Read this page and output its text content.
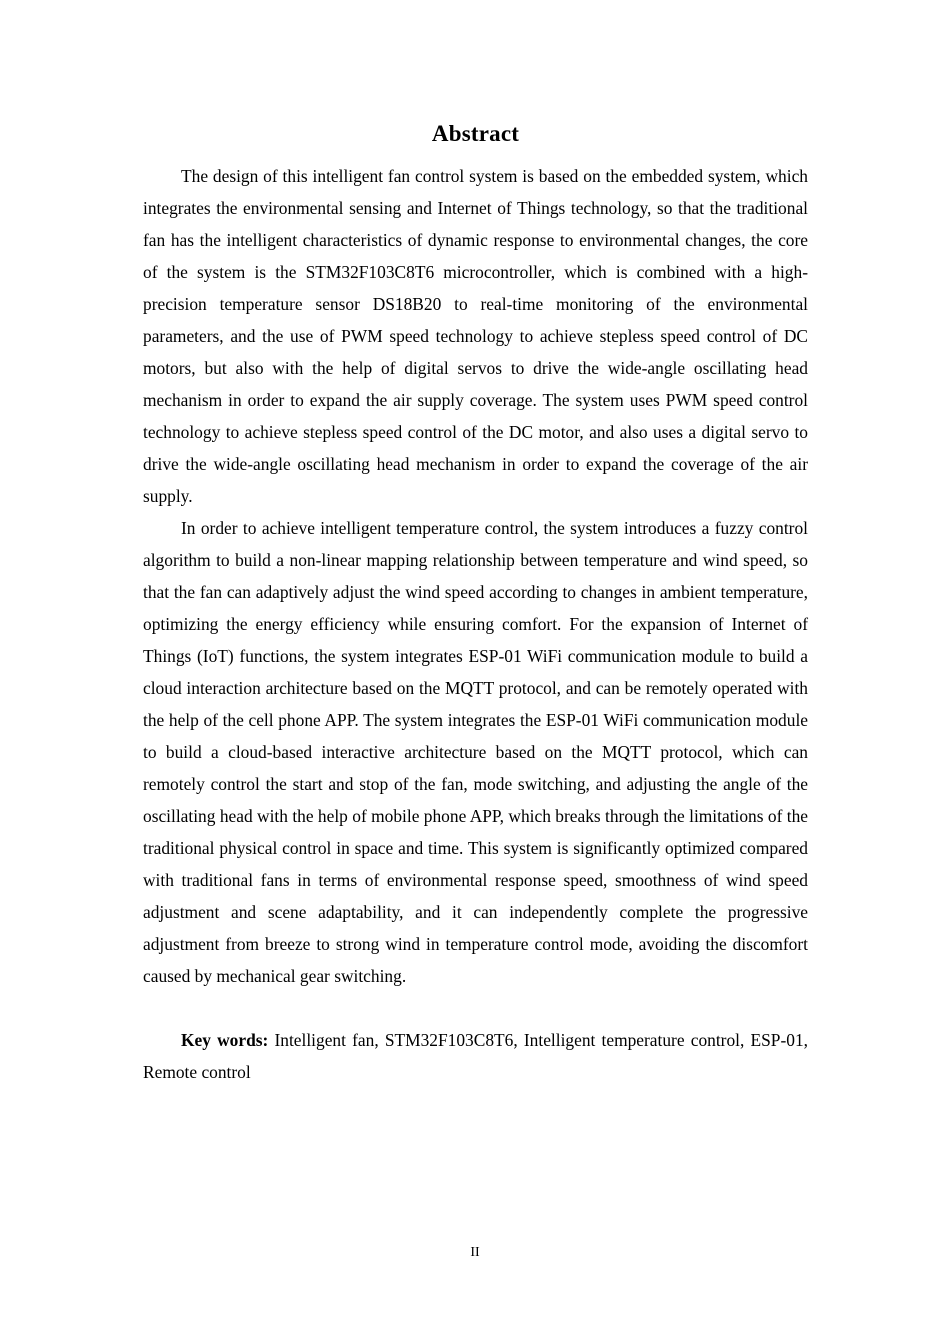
Abstract

The design of this intelligent fan control system is based on the embedded system, which integrates the environmental sensing and Internet of Things technology, so that the traditional fan has the intelligent characteristics of dynamic response to environmental changes, the core of the system is the STM32F103C8T6 microcontroller, which is combined with a high-precision temperature sensor DS18B20 to real-time monitoring of the environmental parameters, and the use of PWM speed technology to achieve stepless speed control of DC motors, but also with the help of digital servos to drive the wide-angle oscillating head mechanism in order to expand the air supply coverage. The system uses PWM speed control technology to achieve stepless speed control of the DC motor, and also uses a digital servo to drive the wide-angle oscillating head mechanism in order to expand the coverage of the air supply.

In order to achieve intelligent temperature control, the system introduces a fuzzy control algorithm to build a non-linear mapping relationship between temperature and wind speed, so that the fan can adaptively adjust the wind speed according to changes in ambient temperature, optimizing the energy efficiency while ensuring comfort. For the expansion of Internet of Things (IoT) functions, the system integrates ESP-01 WiFi communication module to build a cloud interaction architecture based on the MQTT protocol, and can be remotely operated with the help of the cell phone APP. The system integrates the ESP-01 WiFi communication module to build a cloud-based interactive architecture based on the MQTT protocol, which can remotely control the start and stop of the fan, mode switching, and adjusting the angle of the oscillating head with the help of mobile phone APP, which breaks through the limitations of the traditional physical control in space and time. This system is significantly optimized compared with traditional fans in terms of environmental response speed, smoothness of wind speed adjustment and scene adaptability, and it can independently complete the progressive adjustment from breeze to strong wind in temperature control mode, avoiding the discomfort caused by mechanical gear switching.

Key words: Intelligent fan, STM32F103C8T6, Intelligent temperature control, ESP-01, Remote control

II
